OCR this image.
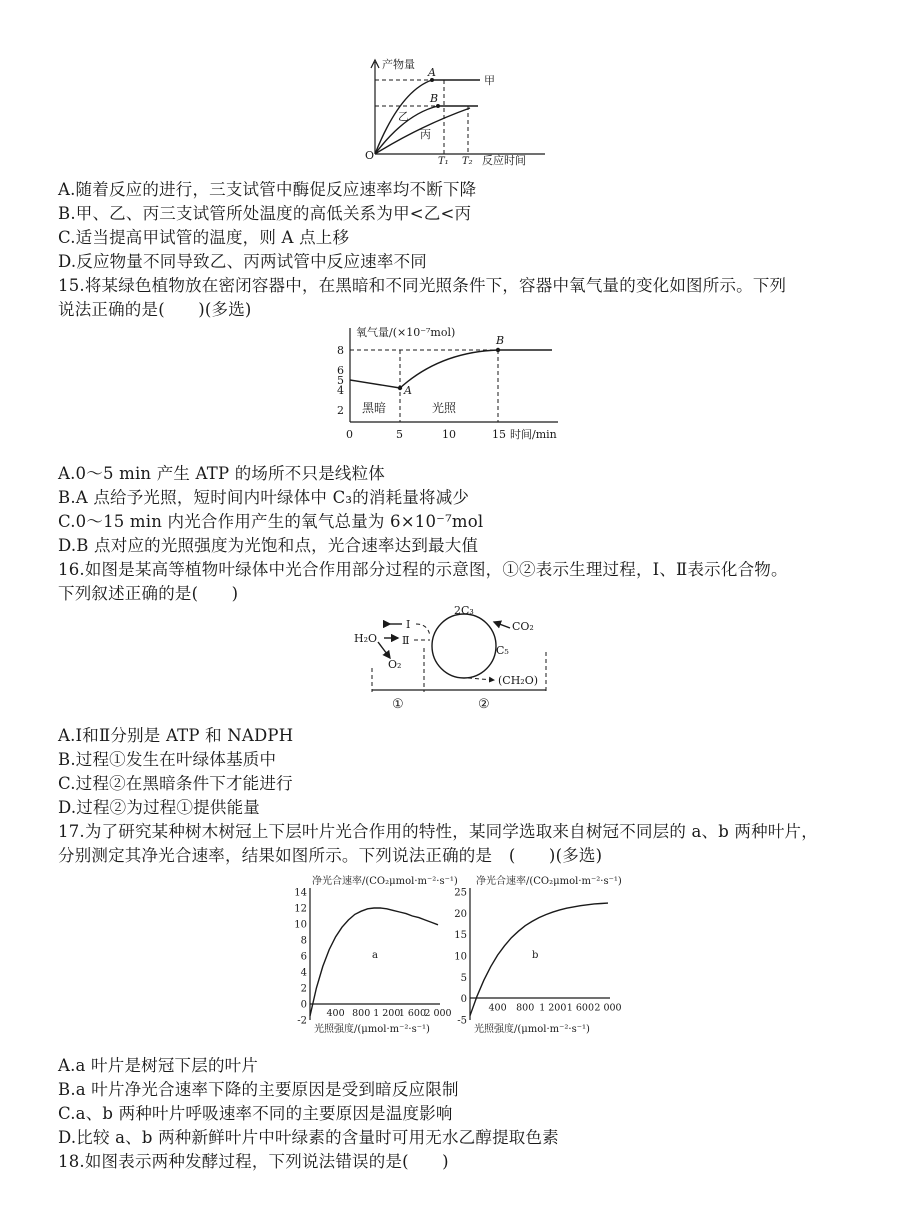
产物量
反应时间
O
A
B
甲
乙
丙
T₁ T₂
A.随着反应的进行，三支试管中酶促反应速率均不断下降
B.甲、乙、丙三支试管所处温度的高低关系为甲<乙<丙
C.适当提高甲试管的温度，则 A 点上移
D.反应物量不同导致乙、丙两试管中反应速率不同
15.将某绿色植物放在密闭容器中，在黑暗和不同光照条件下，容器中氧气量的变化如图所示。下列
说法正确的是(　　)(多选)
氧气量/(×10⁻⁷mol)
2
4
5
6
8
A
B
黑暗	光照
0	5	10	15 时间/min
A.0～5 min 产生 ATP 的场所不只是线粒体
B.A 点给予光照，短时间内叶绿体中 C₃的消耗量将减少
C.0～15 min 内光合作用产生的氧气总量为 6×10⁻⁷mol
D.B 点对应的光照强度为光饱和点，光合速率达到最大值
16.如图是某高等植物叶绿体中光合作用部分过程的示意图，①②表示生理过程，Ⅰ、Ⅱ表示化合物。
下列叙述正确的是(　　)
H₂O
O₂
Ⅰ
Ⅱ
2C₃
CO₂
C₅
(CH₂O)
①	②
A.Ⅰ和Ⅱ分别是 ATP 和 NADPH
B.过程①发生在叶绿体基质中
C.过程②在黑暗条件下才能进行
D.过程②为过程①提供能量
17.为了研究某种树木树冠上下层叶片光合作用的特性，某同学选取来自树冠不同层的 a、b 两种叶片，
分别测定其净光合速率，结果如图所示。下列说法正确的是　(　　)(多选)
净光合速率/(CO₂μmol·m⁻²·s⁻¹)
-2
0
2
4
6
8
10
12
14
400 800 1 200
1 600
2 000
a
光照强度/(μmol·m⁻²·s⁻¹)
净光合速率/(CO₂μmol·m⁻²·s⁻¹)
-5
0
5
10
15
20
25
400 800 1 200 1 600 2 000
b
光照强度/(μmol·m⁻²·s⁻¹)
A.a 叶片是树冠下层的叶片
B.a 叶片净光合速率下降的主要原因是受到暗反应限制
C.a、b 两种叶片呼吸速率不同的主要原因是温度影响
D.比较 a、b 两种新鲜叶片中叶绿素的含量时可用无水乙醇提取色素
18.如图表示两种发酵过程，下列说法错误的是(　　)
